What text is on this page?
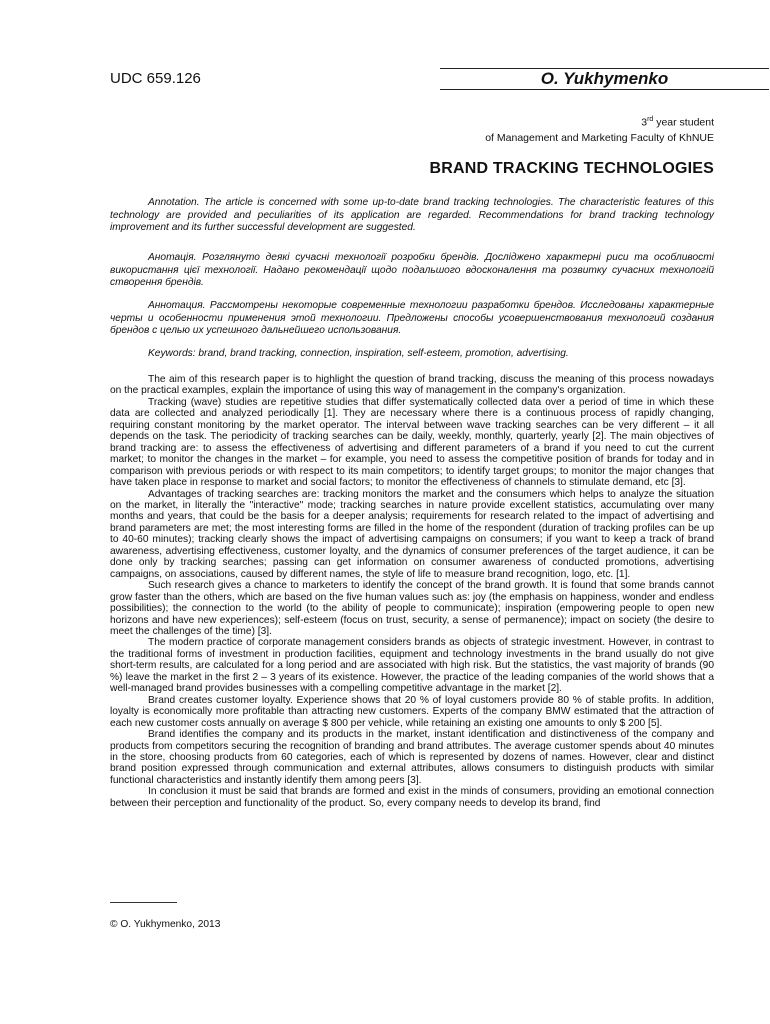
UDC 659.126	O. Yukhymenko
3rd year student
of Management and Marketing Faculty of KhNUE
BRAND TRACKING TECHNOLOGIES

Annotation. The article is concerned with some up-to-date brand tracking technologies. The characteristic features of this technology are provided and peculiarities of its application are regarded. Recommendations for brand tracking technology improvement and its further successful development are suggested.

Анотація. Розглянуто деякі сучасні технології розробки брендів. Досліджено характерні риси та особливості використання цієї технології. Надано рекомендації щодо подальшого вдосконалення та розвитку сучасних технологій створення брендів.

Аннотация. Рассмотрены некоторые современные технологии разработки брендов. Исследованы характерные черты и особенности применения этой технологии. Предложены способы усовершенствования технологий создания брендов с целью их успешного дальнейшего использования.

Keywords: brand, brand tracking, connection, inspiration, self-esteem, promotion, advertising.

The aim of this research paper is to highlight the question of brand tracking, discuss the meaning of this process nowadays on the practical examples, explain the importance of using this way of management in the company's organization.

Tracking (wave) studies are repetitive studies that differ systematically collected data over a period of time in which these data are collected and analyzed periodically [1]. They are necessary where there is a continuous process of rapidly changing, requiring constant monitoring by the market operator. The interval between wave tracking searches can be very different – it all depends on the task. The periodicity of tracking searches can be daily, weekly, monthly, quarterly, yearly [2]. The main objectives of brand tracking are: to assess the effectiveness of advertising and different parameters of a brand if you need to cut the current market; to monitor the changes in the market – for example, you need to assess the competitive position of brands for today and in comparison with previous periods or with respect to its main competitors; to identify target groups; to monitor the major changes that have taken place in response to market and social factors; to monitor the effectiveness of channels to stimulate demand, etc [3].

Advantages of tracking searches are: tracking monitors the market and the consumers which helps to analyze the situation on the market, in literally the "interactive" mode; tracking searches in nature provide excellent statistics, accumulating over many months and years, that could be the basis for a deeper analysis; requirements for research related to the impact of advertising and brand parameters are met; the most interesting forms are filled in the home of the respondent (duration of tracking profiles can be up to 40-60 minutes); tracking clearly shows the impact of advertising campaigns on consumers; if you want to keep a track of brand awareness, advertising effectiveness, customer loyalty, and the dynamics of consumer preferences of the target audience, it can be done only by tracking searches; passing can get information on consumer awareness of conducted promotions, advertising campaigns, on associations, caused by different names, the style of life to measure brand recognition, logo, etc. [1].

Such research gives a chance to marketers to identify the concept of the brand growth. It is found that some brands cannot grow faster than the others, which are based on the five human values such as: joy (the emphasis on happiness, wonder and endless possibilities); the connection to the world (to the ability of people to communicate); inspiration (empowering people to open new horizons and have new experiences); self-esteem (focus on trust, security, a sense of permanence); impact on society (the desire to meet the challenges of the time) [3].

The modern practice of corporate management considers brands as objects of strategic investment. However, in contrast to the traditional forms of investment in production facilities, equipment and technology investments in the brand usually do not give short-term results, are calculated for a long period and are associated with high risk. But the statistics, the vast majority of brands (90 %) leave the market in the first 2 – 3 years of its existence. However, the practice of the leading companies of the world shows that a well-managed brand provides businesses with a compelling competitive advantage in the market [2].

Brand creates customer loyalty. Experience shows that 20 % of loyal customers provide 80 % of stable profits. In addition, loyalty is economically more profitable than attracting new customers. Experts of the company BMW estimated that the attraction of each new customer costs annually on average $ 800 per vehicle, while retaining an existing one amounts to only $ 200 [5].

Brand identifies the company and its products in the market, instant identification and distinctiveness of the company and products from competitors securing the recognition of branding and brand attributes. The average customer spends about 40 minutes in the store, choosing products from 60 categories, each of which is represented by dozens of names. However, clear and distinct brand position expressed through communication and external attributes, allows consumers to distinguish products with similar functional characteristics and instantly identify them among peers [3].

In conclusion it must be said that brands are formed and exist in the minds of consumers, providing an emotional connection between their perception and functionality of the product. So, every company needs to develop its brand, find

© O. Yukhymenko, 2013
